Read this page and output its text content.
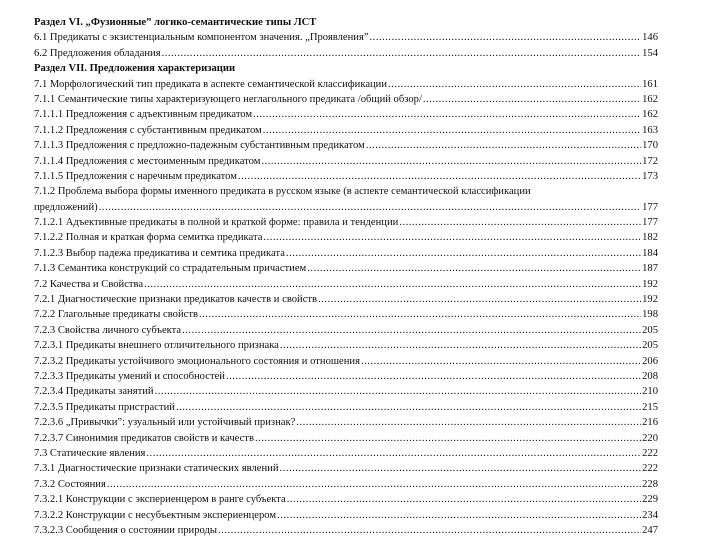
Раздел VI. „Фузионные” логико-семантические типы ЛСТ
6.1 Предикаты с экзистенциальным компонентом значения. „Проявления” .....	146
6.2 Предложения обладания .....	154
Раздел VII. Предложения характеризации
7.1 Морфологический тип предиката в аспекте семантической классификации .....	161
7.1.1 Семантические типы характеризующего неглагольного предиката /общий обзор/ .....	162
7.1.1.1 Предложения с адъективным предикатом .....	162
7.1.1.2 Предложения с субстантивным предикатом .....	163
7.1.1.3 Предложения с предложно-падежным субстантивным предикатом .....	170
7.1.1.4 Предложения с местоименным предикатом .....	172
7.1.1.5 Предложения с наречным предикатом .....	173
7.1.2 Проблема выбора формы именного предиката в русском языке (в аспекте семантической классификации
предложений) .....	177
7.1.2.1 Адъективные предикаты в полной и краткой форме: правила и тенденции .....	177
7.1.2.2 Полная и краткая форма семитка предиката .....	182
7.1.2.3 Выбор падежа предикатива и семтика предиката .....	184
7.1.3 Семантика конструкций со страдательным причастием .....	187
7.2 Качества и Свойства .....	192
7.2.1 Диагностические признаки предикатов качеств и свойств .....	192
7.2.2 Глагольные предикаты свойств .....	198
7.2.3 Свойства личного субъекта .....	205
7.2.3.1 Предикаты внешнего отличительного признака .....	205
7.2.3.2 Предикаты устойчивого эмоционального состояния и отношения .....	206
7.2.3.3 Предикаты умений и способностей .....	208
7.2.3.4 Предикаты занятий .....	210
7.2.3.5 Предикаты пристрастий .....	215
7.2.3.6 „Привычки”: узуальный или устойчивый признак? .....	216
7.2.3.7 Синонимия предикатов свойств и качеств .....	220
7.3 Статические явления .....	222
7.3.1 Диагностические признаки статических явлений .....	222
7.3.2 Состояния .....	228
7.3.2.1 Конструкции с экспериенцером в ранге субъекта .....	229
7.3.2.2 Конструкции с несубъектным экспериенцером .....	234
7.3.2.3 Сообщения о состоянии природы .....	247
